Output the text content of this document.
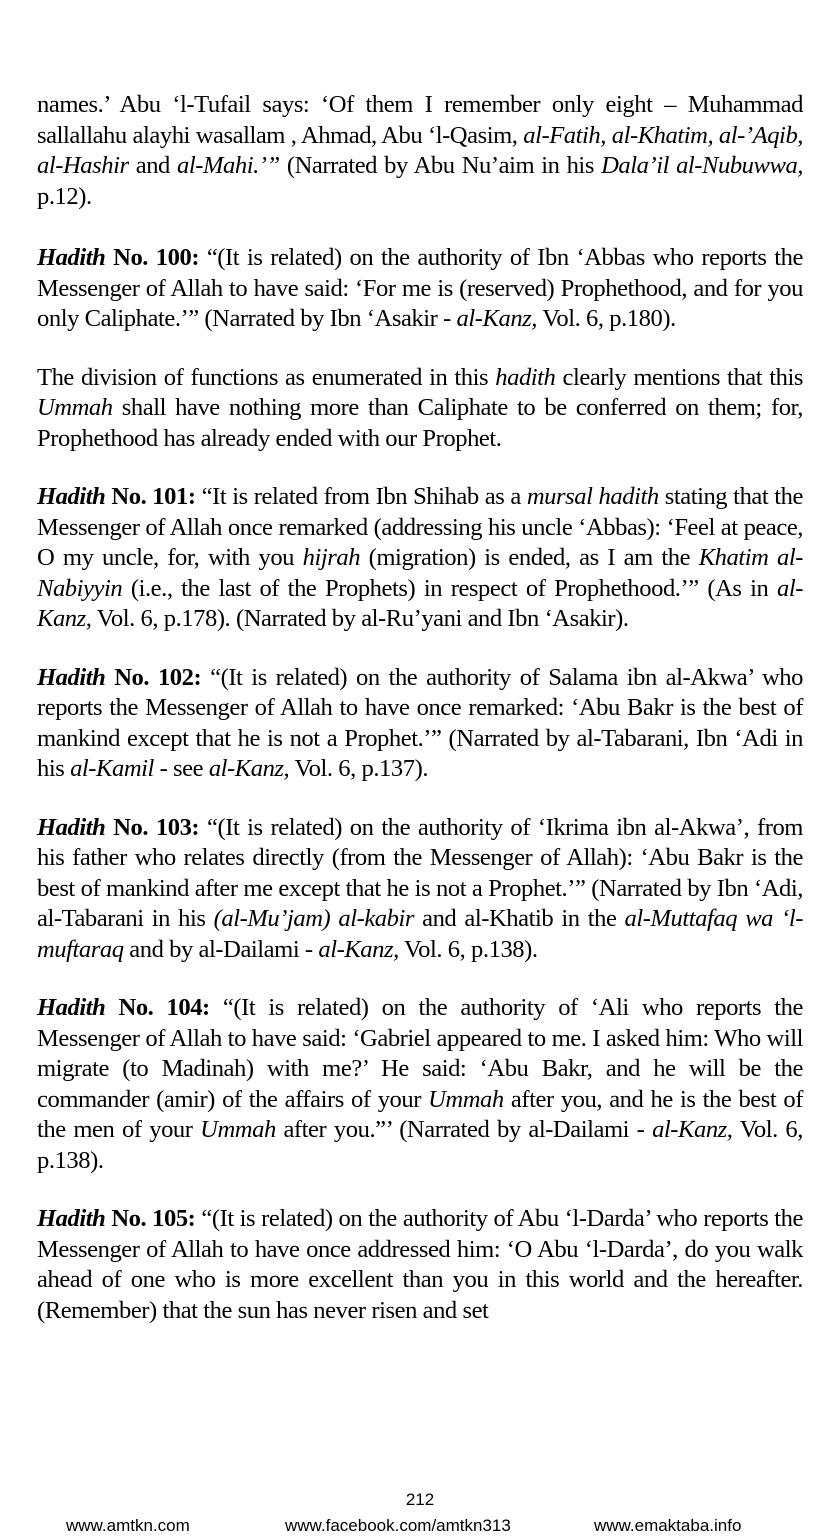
names.’ Abu ‘l-Tufail says: ‘Of them I remember only eight – Muhammad sallallahu alayhi wasallam , Ahmad, Abu ‘l-Qasim, al-Fatih, al-Khatim, al-’Aqib, al-Hashir and al-Mahi.’” (Narrated by Abu Nu’aim in his Dala’il al-Nubuwwa, p.12).

Hadith No. 100: “(It is related) on the authority of Ibn ‘Abbas who reports the Messenger of Allah to have said: ‘For me is (reserved) Prophethood, and for you only Caliphate.’” (Narrated by Ibn ‘Asakir - al-Kanz, Vol. 6, p.180).

The division of functions as enumerated in this hadith clearly mentions that this Ummah shall have nothing more than Caliphate to be conferred on them; for, Prophethood has already ended with our Prophet.

Hadith No. 101: “It is related from Ibn Shihab as a mursal hadith stating that the Messenger of Allah once remarked (addressing his uncle ‘Abbas): ‘Feel at peace, O my uncle, for, with you hijrah (migration) is ended, as I am the Khatim al-Nabiyyin (i.e., the last of the Prophets) in respect of Prophethood.’” (As in al-Kanz, Vol. 6, p.178). (Narrated by al-Ru’yani and Ibn ‘Asakir).

Hadith No. 102: “(It is related) on the authority of Salama ibn al-Akwa’ who reports the Messenger of Allah to have once remarked: ‘Abu Bakr is the best of mankind except that he is not a Prophet.’” (Narrated by al-Tabarani, Ibn ‘Adi in his al-Kamil - see al-Kanz, Vol. 6, p.137).

Hadith No. 103: “(It is related) on the authority of ‘Ikrima ibn al-Akwa’, from his father who relates directly (from the Messenger of Allah): ‘Abu Bakr is the best of mankind after me except that he is not a Prophet.’” (Narrated by Ibn ‘Adi, al-Tabarani in his (al-Mu’jam) al-kabir and al-Khatib in the al-Muttafaq wa ‘l-muftaraq and by al-Dailami - al-Kanz, Vol. 6, p.138).

Hadith No. 104: “(It is related) on the authority of ‘Ali who reports the Messenger of Allah to have said: ‘Gabriel appeared to me. I asked him: Who will migrate (to Madinah) with me?’ He said: ‘Abu Bakr, and he will be the commander (amir) of the affairs of your Ummah after you, and he is the best of the men of your Ummah after you.”’ (Narrated by al-Dailami - al-Kanz, Vol. 6, p.138).

Hadith No. 105: “(It is related) on the authority of Abu ‘l-Darda’ who reports the Messenger of Allah to have once addressed him: ‘O Abu ‘l-Darda’, do you walk ahead of one who is more excellent than you in this world and the hereafter. (Remember) that the sun has never risen and set

212
www.amtkn.com	www.facebook.com/amtkn313	www.emaktaba.info
